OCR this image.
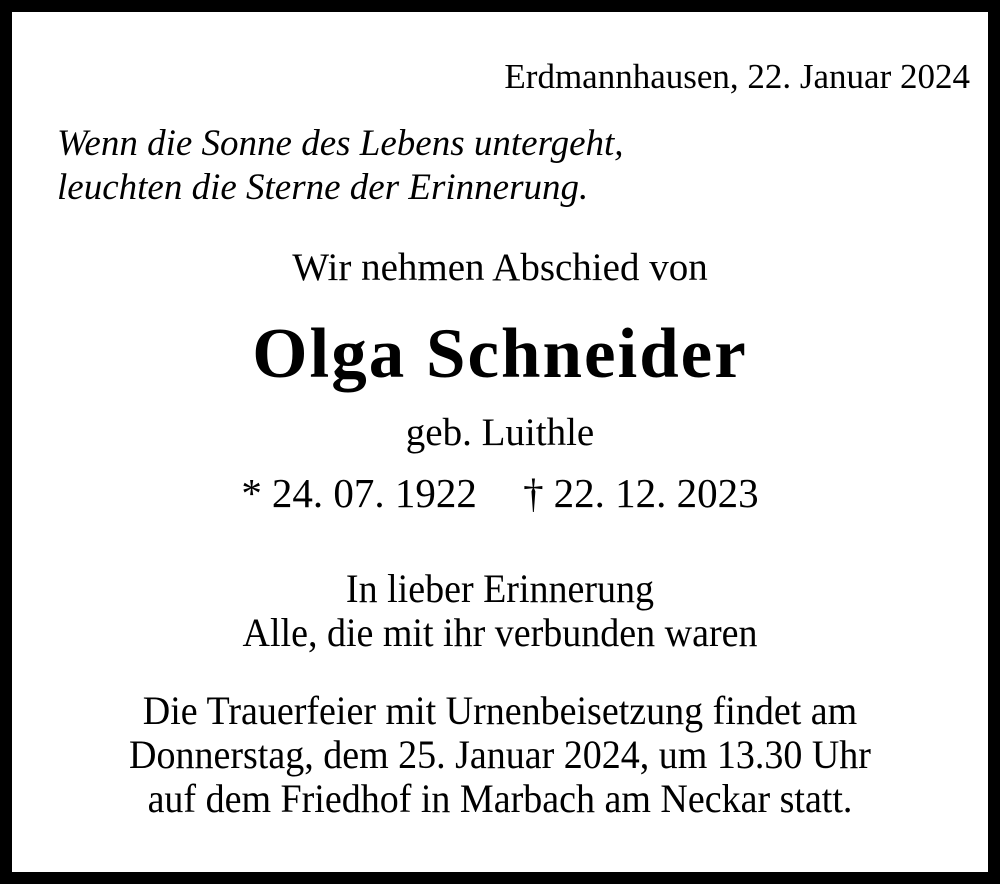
Erdmannhausen, 22. Januar 2024
Wenn die Sonne des Lebens untergeht,
leuchten die Sterne der Erinnerung.
Wir nehmen Abschied von
Olga Schneider
geb. Luithle
* 24. 07. 1922 † 22. 12. 2023
In lieber Erinnerung
Alle, die mit ihr verbunden waren
Die Trauerfeier mit Urnenbeisetzung findet am
Donnerstag, dem 25. Januar 2024, um 13.30 Uhr
auf dem Friedhof in Marbach am Neckar statt.
